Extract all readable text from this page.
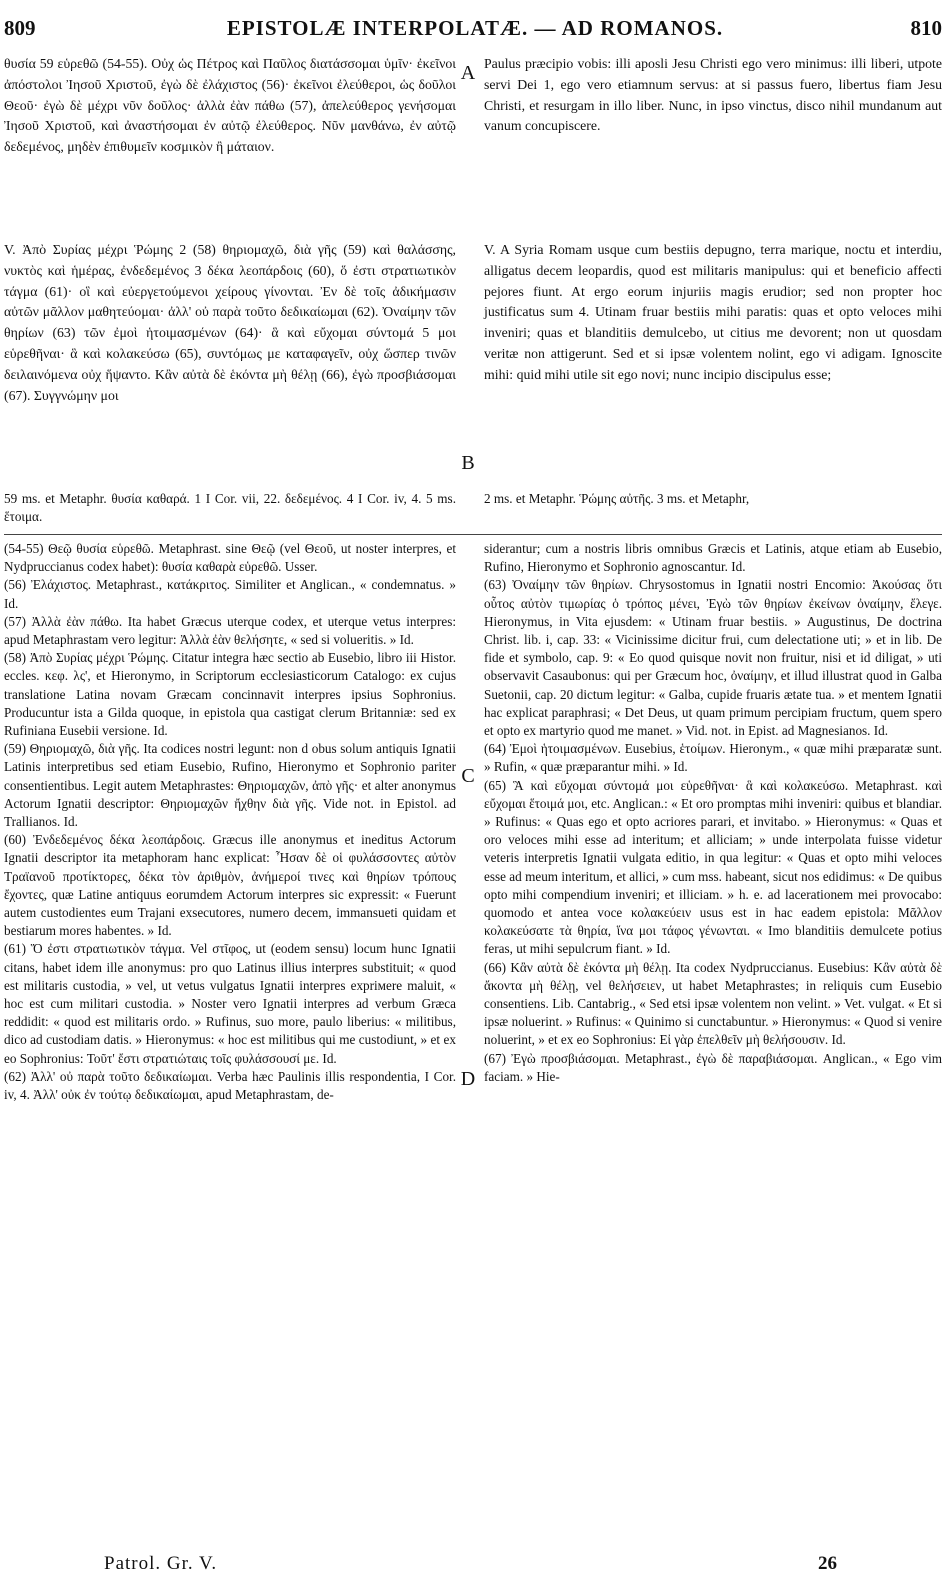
809	EPISTOLÆ INTERPOLATÆ. — AD ROMANOS.	810

θυσία 59 εὑρεθῶ (54-55). Οὐχ ὡς Πέτρος καὶ Παῦλος διατάσσομαι ὑμῖν· ἐκεῖνοι ἀπόστολοι Ἰησοῦ Χριστοῦ, ἐγὼ δὲ ἐλάχιστος (56)· ἐκεῖνοι ἐλεύθεροι, ὡς δοῦλοι Θεοῦ· ἐγὼ δὲ μέχρι νῦν δοῦλος· ἀλλὰ ἐὰν πάθω (57), ἀπελεύθερος γενήσομαι Ἰησοῦ Χριστοῦ, καὶ ἀναστήσομαι ἐν αὐτῷ ἐλεύθερος. Νῦν μανθάνω, ἐν αὐτῷ δεδεμένος, μηδὲν ἐπιθυμεῖν κοσμικὸν ἢ μάταιον.

Paulus præcipio vobis: illi aposli Jesu Christi ego vero minimus: illi liberi, utpote servi Dei 1, ego vero etiamnum servus: at si passus fuero, libertus fiam Jesu Christi, et resurgam in illo liber. Nunc, in ipso vinctus, disco nihil mundanum aut vanum concupiscere.

V. Ἀπὸ Συρίας μέχρι Ῥώμης 2 (58) θηριομαχῶ, διὰ γῆς (59) καὶ θαλάσσης, νυκτὸς καὶ ἡμέρας, ἐνδεδεμένος 3 δέκα λεοπάρδοις (60), ὅ ἐστι στρατιωτικὸν τάγμα (61)· οἳ καὶ εὐεργετούμενοι χείρους γίνονται. Ἐν δὲ τοῖς ἀδικήμασιν αὐτῶν μᾶλλον μαθητεύομαι· ἀλλ' οὐ παρὰ τοῦτο δεδικαίωμαι (62). Ὀναίμην τῶν θηρίων (63) τῶν ἐμοὶ ἡτοιμασμένων (64)· ἃ καὶ εὔχομαι σύντομά 5 μοι εὑρεθῆναι· ἃ καὶ κολακεύσω (65), συντόμως με καταφαγεῖν, οὐχ ὥσπερ τινῶν δειλαινόμενα οὐχ ἥψαντο. Κἂν αὐτὰ δὲ ἑκόντα μὴ θέλῃ (66), ἐγὼ προσβιάσομαι (67). Συγγνώμην μοι

V. A Syria Romam usque cum bestiis depugno, terra marique, noctu et interdiu, alligatus decem leopardis, quod est militaris manipulus: qui et beneficio affecti pejores fiunt. At ergo eorum injuriis magis erudior; sed non propter hoc justificatus sum 4. Utinam fruar bestiis mihi paratis: quas et opto veloces mihi inveniri; quas et blanditiis demulcebo, ut citius me devorent; non ut quosdam veritæ non attigerunt. Sed et si ipsæ volentem nolint, ego vi adigam. Ignoscite mihi: quid mihi utile sit ego novi; nunc incipio discipulus esse;

A
B
C
D

59 ms. et Metaphr. θυσία καθαρά. 1 I Cor. vii, 22. δεδεμένος. 4 I Cor. iv, 4. 5 ms. ἕτοιμα.

2 ms. et Metaphr. Ῥώμης αὐτῆς. 3 ms. et Metaphr,

(54-55) Θεῷ θυσία εὑρεθῶ. Metaphrast. sine Θεῷ (vel Θεοῦ, ut noster interpres, et Nydpruccianus codex habet): θυσία καθαρὰ εὑρεθῶ. Usser.

(56) Ἐλάχιστος. Metaphrast., κατάκριτος. Similiter et Anglican., « condemnatus. » Id.

(57) Ἀλλὰ ἐὰν πάθω. Ita habet Græcus uterque codex, et uterque vetus interpres: apud Metaphrastam vero legitur: Ἀλλὰ ἐὰν θελήσητε, « sed si volueritis. » Id.

(58) Ἀπὸ Συρίας μέχρι Ῥώμης. Citatur integra hæc sectio ab Eusebio, libro iii Histor. eccles. κεφ. λς', et Hieronymo, in Scriptorum ecclesiasticorum Catalogo: ex cujus translatione Latina novam Græcam concinnavit interpres ipsius Sophronius. Producuntur ista a Gilda quoque, in epistola qua castigat clerum Britanniæ: sed ex Rufiniana Eusebii versione. Id.

(59) Θηριομαχῶ, διὰ γῆς. Ita codices nostri legunt: non d obus solum antiquis Ignatii Latinis interpretibus sed etiam Eusebio, Rufino, Hieronymo et Sophronio pariter consentientibus. Legit autem Metaphrastes: Θηριομαχῶν, ἀπὸ γῆς· et alter anonymus Actorum Ignatii descriptor: Θηριομαχῶν ἤχθην διὰ γῆς. Vide not. in Epistol. ad Trallianos. Id.

(60) Ἐνδεδεμένος δέκα λεοπάρδοις. Græcus ille anonymus et ineditus Actorum Ignatii descriptor ita metaphoram hanc explicat: Ἦσαν δὲ οἱ φυλάσσοντες αὐτὸν Τραϊανοῦ προτίκτορες, δέκα τὸν ἀριθμὸν, ἀνήμεροί τινες καὶ θηρίων τρόπους ἔχοντες, quæ Latine antiquus eorumdem Actorum interpres sic expressit: « Fuerunt autem custodientes eum Trajani exsecutores, numero decem, immansueti quidam et bestiarum mores habentes. » Id.

(61) Ὅ ἐστι στρατιωτικὸν τάγμα. Vel στῖφος, ut (eodem sensu) locum hunc Ignatii citans, habet idem ille anonymus: pro quo Latinus illius interpres substituit; « quod est militaris custodia, » vel, ut vetus vulgatus Ignatii interpres expriмere maluit, « hoc est cum militari custodia. » Noster vero Ignatii interpres ad verbum Græca reddidit: « quod est militaris ordo. » Rufinus, suo more, paulo liberius: « militibus, dico ad custodiam datis. » Hieronymus: « hoc est militibus qui me custodiunt, » et ex eo Sophronius: Τοῦτ' ἔστι στρατιώταις τοῖς φυλάσσουσί με. Id.

(62) Ἀλλ' οὐ παρὰ τοῦτο δεδικαίωμαι. Verba hæc Paulinis illis respondentia, I Cor. iv, 4. Ἀλλ' οὐκ ἐν τούτῳ δεδικαίωμαι, apud Metaphrastam, de-

siderantur; cum a nostris libris omnibus Græcis et Latinis, atque etiam ab Eusebio, Rufino, Hieronymo et Sophronio agnoscantur. Id.

(63) Ὀναίμην τῶν θηρίων. Chrysostomus in Ignatii nostri Encomio: Ἀκούσας ὅτι οὗτος αὐτὸν τιμωρίας ὁ τρόπος μένει, Ἐγὼ τῶν θηρίων ἐκείνων ὀναίμην, ἔλεγε. Hieronymus, in Vita ejusdem: « Utinam fruar bestiis. » Augustinus, De doctrina Christ. lib. i, cap. 33: « Vicinissime dicitur frui, cum delectatione uti; » et in lib. De fide et symbolo, cap. 9: « Eo quod quisque novit non fruitur, nisi et id diligat, » uti observavit Casaubonus: qui per Græcum hoc, ὀναίμην, et illud illustrat quod in Galba Suetonii, cap. 20 dictum legitur: « Galba, cupide fruaris ætate tua. » et mentem Ignatii hac explicat paraphrasi; « Det Deus, ut quam primum percipiam fructum, quem spero et opto ex martyrio quod me manet. » Vid. not. in Epist. ad Magnesianos. Id.

(64) Ἐμοὶ ἡτοιμασμένων. Eusebius, ἑτοίμων. Hieronym., « quæ mihi præparatæ sunt. » Rufin, « quæ præparantur mihi. » Id.

(65) Ἃ καὶ εὔχομαι σύντομά μοι εὑρεθῆναι· ἃ καὶ κολακεύσω. Metaphrast. καὶ εὔχομαι ἕτοιμά μοι, etc. Anglican.: « Et oro promptas mihi inveniri: quibus et blandiar. » Rufinus: « Quas ego et opto acriores parari, et invitabo. » Hieronymus: « Quas et oro veloces mihi esse ad interitum; et alliciam; » unde interpolata fuisse videtur veteris interpretis Ignatii vulgata editio, in qua legitur: « Quas et opto mihi veloces esse ad meum interitum, et allici, » cum mss. habeant, sicut nos edidimus: « De quibus opto mihi compendium inveniri; et illiciam. » h. e. ad lacerationem mei provocabo: quomodo et antea voce κολακεύειν usus est in hac eadem epistola: Μᾶλλον κολακεύσατε τὰ θηρία, ἵνα μοι τάφος γένωνται. « Imo blanditiis demulcete potius feras, ut mihi sepulcrum fiant. » Id.

(66) Κἂν αὐτὰ δὲ ἑκόντα μὴ θέλῃ. Ita codex Nydpruccianus. Eusebius: Κἂν αὐτὰ δὲ ἄκοντα μὴ θέλῃ, vel θελήσειεν, ut habet Metaphrastes; in reliquis cum Eusebio consentiens. Lib. Cantabrig., « Sed etsi ipsæ volentem non velint. » Vet. vulgat. « Et si ipsæ noluerint. » Rufinus: « Quinimo si cunctabuntur. » Hieronymus: « Quod si venire noluerint, » et ex eo Sophronius: Εἰ γὰρ ἐπελθεῖν μὴ θελήσουσιν. Id.

(67) Ἐγὼ προσβιάσομαι. Metaphrast., ἐγὼ δὲ παραβιάσομαι. Anglican., « Ego vim faciam. » Hie-

Patrol. Gr. V.	26
